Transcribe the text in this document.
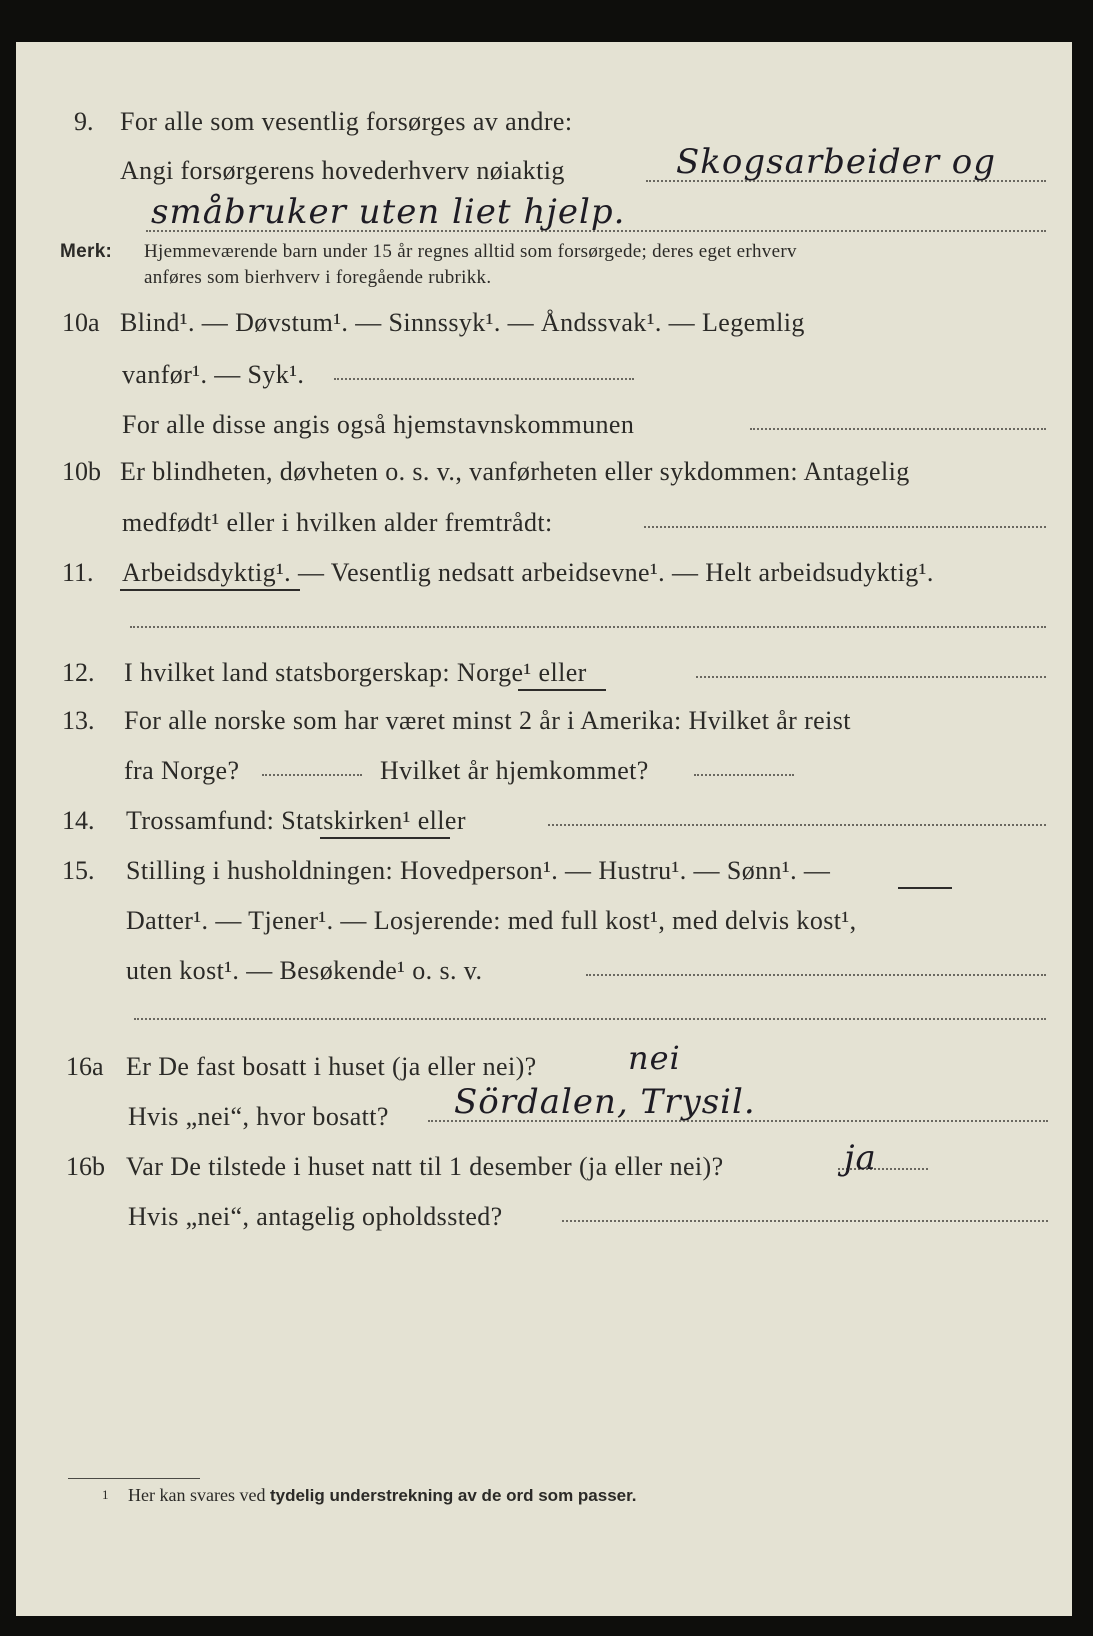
9. For alle som vesentlig forsørges av andre:
Angi forsørgerens hovederhverv nøiaktig	Skogsarbeider og
småbruker uten liet hjelp.
Merk: Hjemmeværende barn under 15 år regnes alltid som forsørgede; deres eget erhverv
anføres som bierhverv i foregående rubrikk.
10a Blind¹. — Døvstum¹. — Sinnssyk¹. — Åndssvak¹. — Legemlig
vanfør¹. — Syk¹.
For alle disse angis også hjemstavnskommunen
10b Er blindheten, døvheten o. s. v., vanførheten eller sykdommen: Antagelig
medfødt¹ eller i hvilken alder fremtrådt:
11. Arbeidsdyktig¹. — Vesentlig nedsatt arbeidsevne¹. — Helt arbeidsudyktig¹.
12. I hvilket land statsborgerskap: Norge¹ eller
13. For alle norske som har været minst 2 år i Amerika: Hvilket år reist
fra Norge?	Hvilket år hjemkommet?
14. Trossamfund: Statskirken¹ eller
15. Stilling i husholdningen: Hovedperson¹. — Hustru¹. — Sønn¹. —
Datter¹. — Tjener¹. — Losjerende: med full kost¹, med delvis kost¹,
uten kost¹. — Besøkende¹ o. s. v.
16a Er De fast bosatt i huset (ja eller nei)?	nei
Hvis „nei“, hvor bosatt? Sördalen, Trysil.
16b Var De tilstede i huset natt til 1 desember (ja eller nei)?	ja
Hvis „nei“, antagelig opholdssted?
1 Her kan svares ved tydelig understrekning av de ord som passer.
